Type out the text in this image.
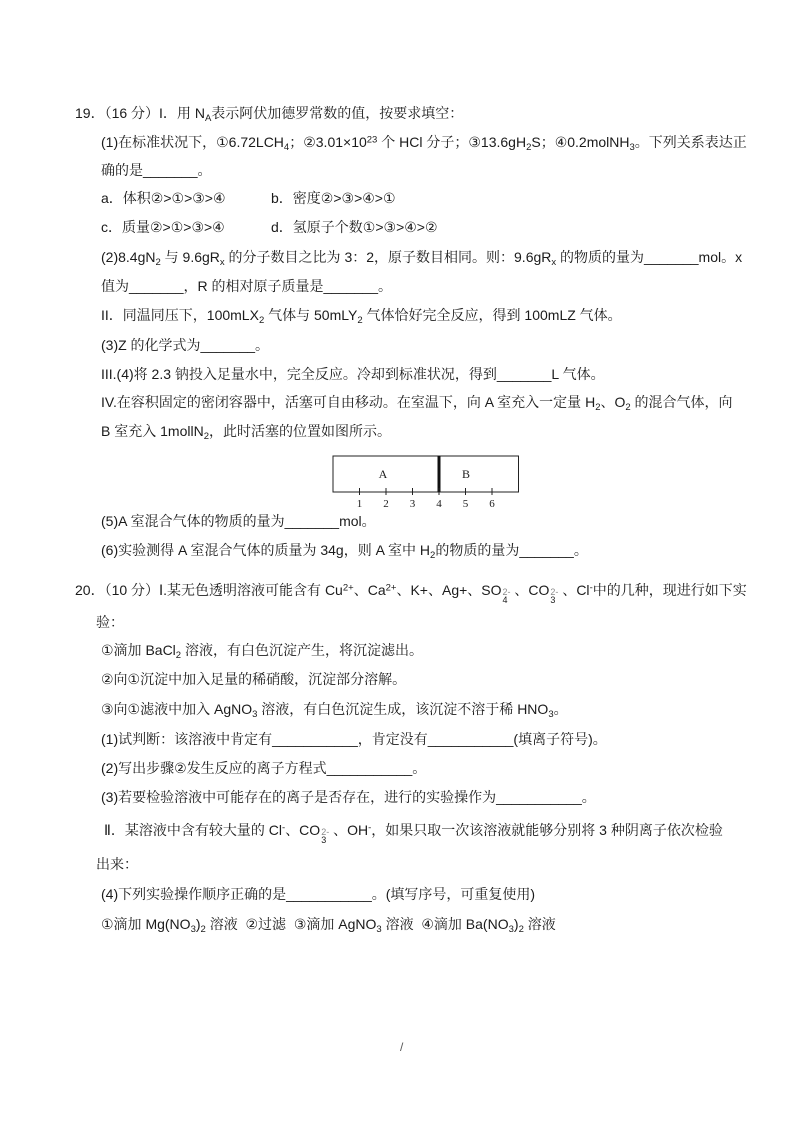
19．（16 分）I．用 $N_A$表示阿伏加德罗常数的值，按要求填空：
(1)在标准状况下，$①6.72LCH_4$；$②3.01\times 10^{23}$ 个 HCl 分子；$③13.6gH_2S$；④0.2molNH$_3$。下列关系表达正
确的是_______。
a．体积②>①>③>④	b．密度②>③>④>①
c．质量②>①>③>④	d．氢原子个数①>③>④>②
$(2)8.4gN_2$ 与 $9.6gR_x$ 的分子数目之比为 3：2，原子数目相同。则：$9.6gR_x$ 的物质的量为_______mol。x
值为_______，R 的相对原子质量是_______。
II．同温同压下，100mLX$_2$ 气体与 50mLY$_2$ 气体恰好完全反应，得到 100mLZ 气体。
(3)Z 的化学式为_______。
III.(4)将 2.3 钠投入足量水中，完全反应。冷却到标准状况，得到_______L 气体。
IV.在容积固定的密闭容器中，活塞可自由移动。在室温下，向 A 室充入一定量 $H_2$、$O_2$ 的混合气体，向
B 室充入 1mollN$_2$，此时活塞的位置如图所示。
A	B
1 2 3 4 5 6
(5)A 室混合气体的物质的量为_______mol。
(6)实验测得 A 室混合气体的质量为 34g，则 A 室中 $H_2$的物质的量为_______。
20．（10 分）Ⅰ.某无色透明溶液可能含有 $Cu^{2+}$、$Ca^{2+}$、K+、Ag+、SO 2-
4
、CO 2-
3
、Cl-中的几种，现进行如下实
验：
①滴加 BaCl$_2$ 溶液，有白色沉淀产生，将沉淀滤出。
②向①沉淀中加入足量的稀硝酸，沉淀部分溶解。
③向①滤液中加入 AgNO$_3$ 溶液，有白色沉淀生成，该沉淀不溶于稀 $HNO_3$。
(1)试判断：该溶液中肯定有___________，肯定没有___________(填离子符号)。
(2)写出步骤②发生反应的离子方程式___________。
(3)若要检验溶液中可能存在的离子是否存在，进行的实验操作为___________。
Ⅱ．某溶液中含有较大量的 Cl-、CO 2-
3
、OH-，如果只取一次该溶液就能够分别将 3 种阴离子依次检验
出来：
(4)下列实验操作顺序正确的是___________。(填写序号，可重复使用)
①滴加 $Mg(NO_3)_2$ 溶液  ②过滤  ③滴加 AgNO$_3$ 溶液  ④滴加 $Ba(NO_3)_2$ 溶液
/
